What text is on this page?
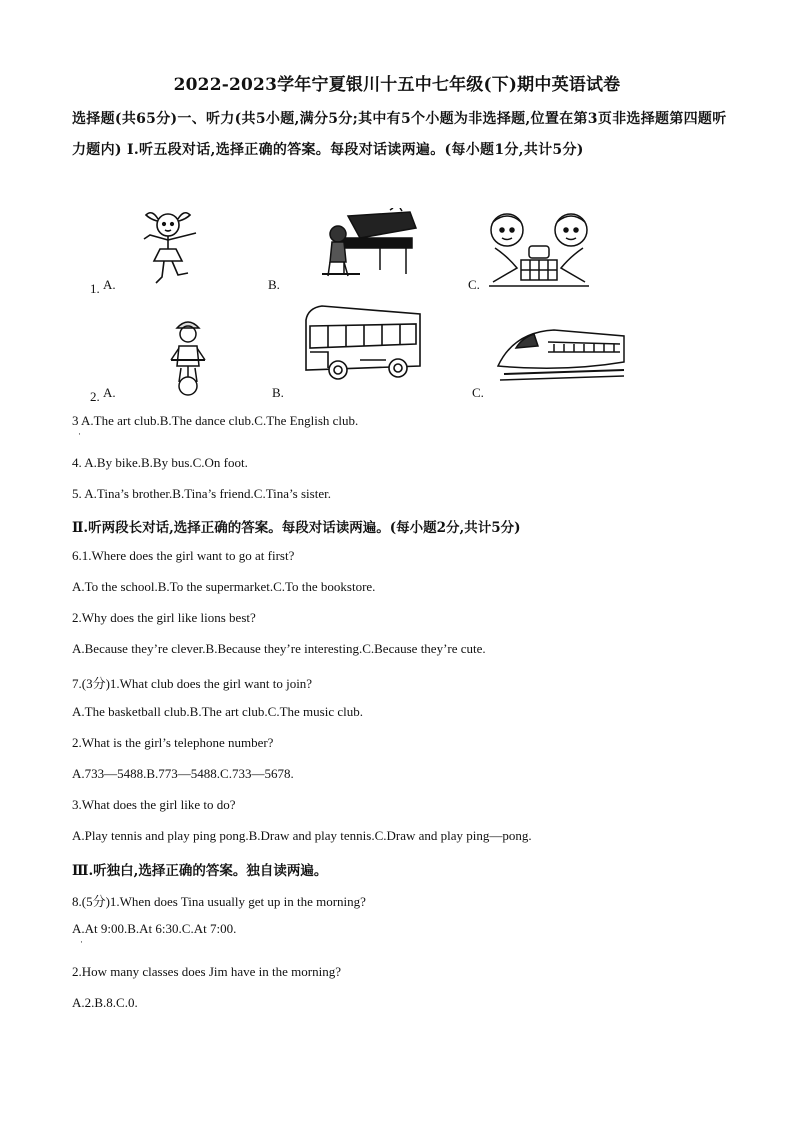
2022-2023学年宁夏银川十五中七年级(下)期中英语试卷
选择题(共65分)一、听力(共5小题,满分5分;其中有5个小题为非选择题,位置在第3页非选择题第四题听力题内) Ⅰ.听五段对话,选择正确的答案。每段对话读两遍。(每小题1分,共计5分)
1. A.	B.	C.
2. A.	B.	C.
3 A.The art club.B.The dance club.C.The English club.
·
4. A.By bike.B.By bus.C.On foot.
5. A.Tina’s brother.B.Tina’s friend.C.Tina’s sister.
Ⅱ.听两段长对话,选择正确的答案。每段对话读两遍。(每小题2分,共计5分)
6.1.Where does the girl want to go at first?
A.To the school.B.To the supermarket.C.To the bookstore.
2.Why does the girl like lions best?
A.Because they’re clever.B.Because they’re interesting.C.Because they’re cute.
7.(3分)1.What club does the girl want to join?
A.The basketball club.B.The art club.C.The music club.
2.What is the girl’s telephone number?
A.733—5488.B.773—5488.C.733—5678.
3.What does the girl like to do?
A.Play tennis and play ping pong.B.Draw and play tennis.C.Draw and play ping—pong.
Ⅲ.听独白,选择正确的答案。独自读两遍。
8.(5分)1.When does Tina usually get up in the morning?
A.At 9:00.B.At 6:30.C.At 7:00.
·
2.How many classes does Jim have in the morning?
A.2.B.8.C.0.
